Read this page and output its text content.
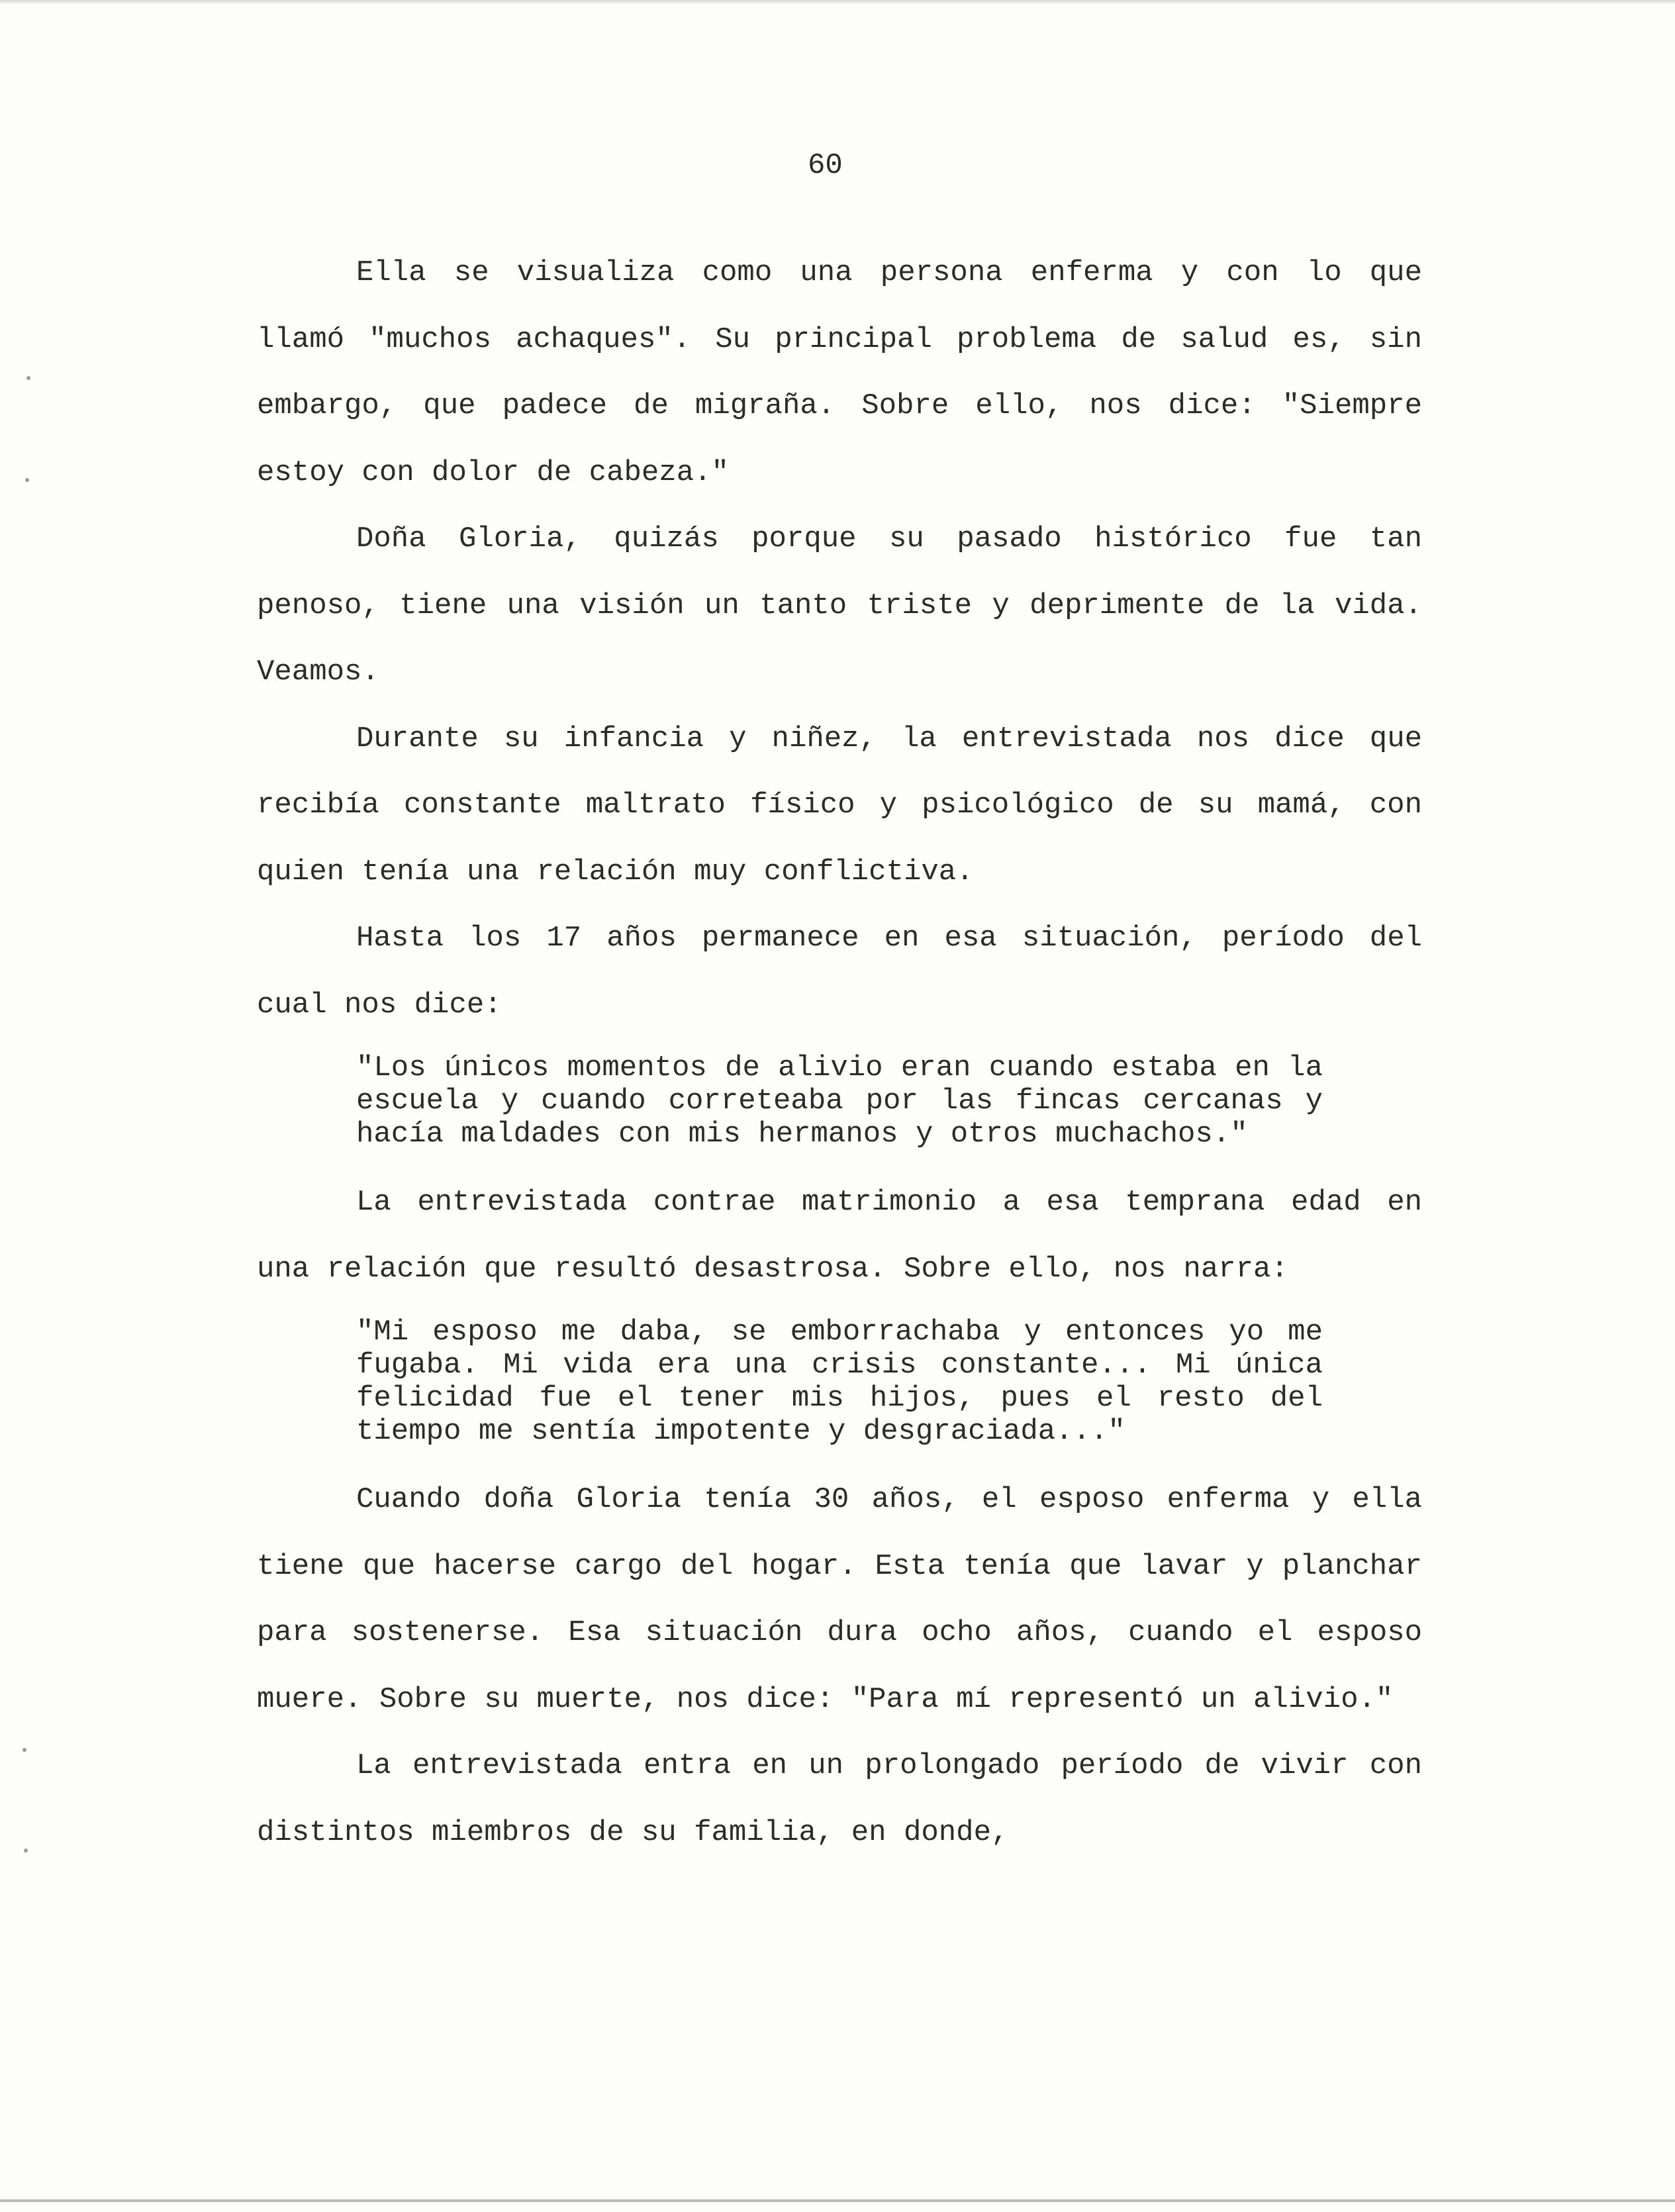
60

Ella se visualiza como una persona enferma y con lo que llamó "muchos achaques". Su principal problema de salud es, sin embargo, que padece de migraña. Sobre ello, nos dice: "Siempre estoy con dolor de cabeza."

Doña Gloria, quizás porque su pasado histórico fue tan penoso, tiene una visión un tanto triste y deprimente de la vida. Veamos.

Durante su infancia y niñez, la entrevistada nos dice que recibía constante maltrato físico y psicológico de su mamá, con quien tenía una relación muy conflictiva.

Hasta los 17 años permanece en esa situación, período del cual nos dice:

"Los únicos momentos de alivio eran cuando estaba en la escuela y cuando correteaba por las fincas cercanas y hacía maldades con mis hermanos y otros muchachos."

La entrevistada contrae matrimonio a esa temprana edad en una relación que resultó desastrosa. Sobre ello, nos narra:

"Mi esposo me daba, se emborrachaba y entonces yo me fugaba. Mi vida era una crisis constante... Mi única felicidad fue el tener mis hijos, pues el resto del tiempo me sentía impotente y desgraciada..."

Cuando doña Gloria tenía 30 años, el esposo enferma y ella tiene que hacerse cargo del hogar. Esta tenía que lavar y planchar para sostenerse. Esa situación dura ocho años, cuando el esposo muere. Sobre su muerte, nos dice: "Para mí representó un alivio."

La entrevistada entra en un prolongado período de vivir con distintos miembros de su familia, en donde,
